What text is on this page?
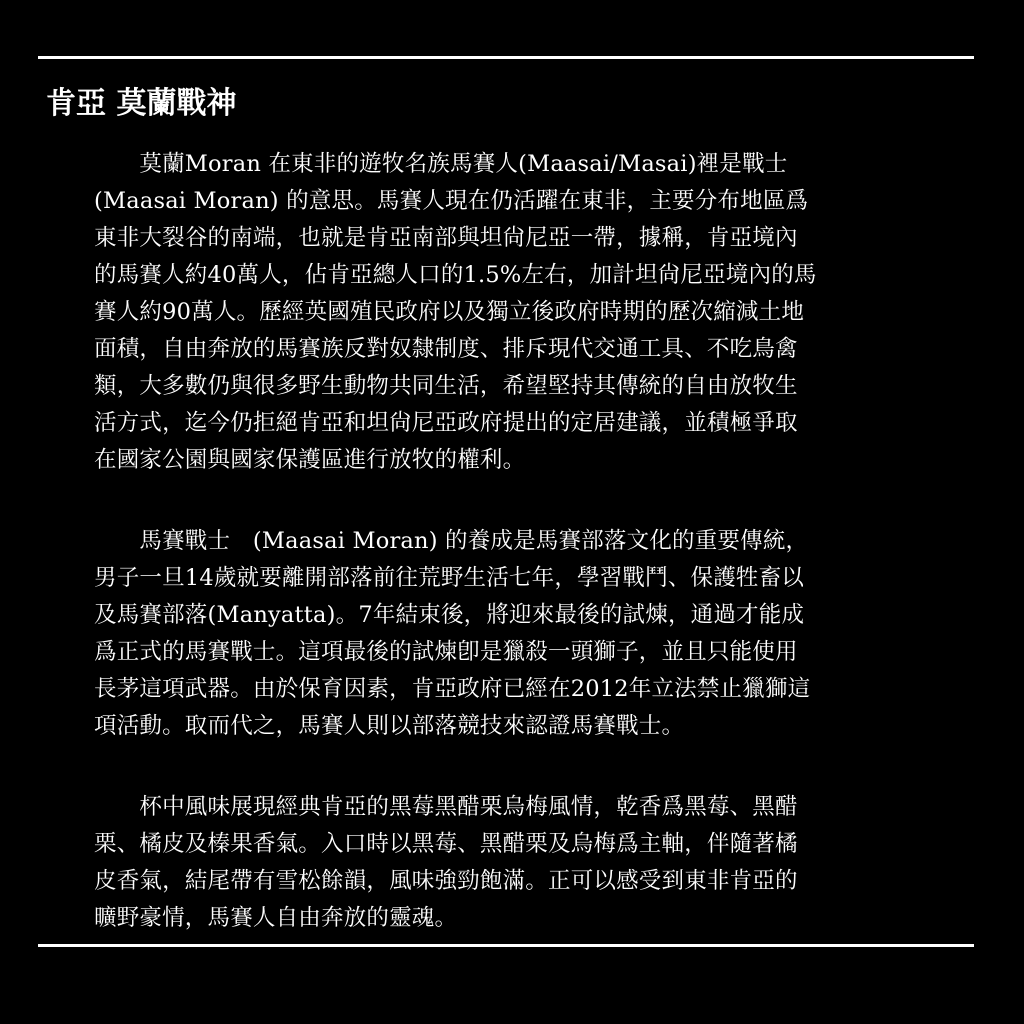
肯亞 莫蘭戰神

　　莫蘭Moran 在東非的遊牧名族馬賽人(Maasai/Masai)裡是戰士
(Maasai Moran) 的意思。馬賽人現在仍活躍在東非，主要分布地區爲
東非大裂谷的南端，也就是肯亞南部與坦尙尼亞一帶，據稱，肯亞境內
的馬賽人約40萬人，佔肯亞總人口的1.5%左右，加計坦尙尼亞境內的馬
賽人約90萬人。歷經英國殖民政府以及獨立後政府時期的歷次縮減土地
面積，自由奔放的馬賽族反對奴隸制度、排斥現代交通工具、不吃鳥禽
類，大多數仍與很多野生動物共同生活，希望堅持其傳統的自由放牧生
活方式，迄今仍拒絕肯亞和坦尙尼亞政府提出的定居建議，並積極爭取
在國家公園與國家保護區進行放牧的權利。

　　馬賽戰士　(Maasai Moran) 的養成是馬賽部落文化的重要傳統，
男子一旦14歲就要離開部落前往荒野生活七年，學習戰鬥、保護牲畜以
及馬賽部落(Manyatta)。7年結束後，將迎來最後的試煉，通過才能成
爲正式的馬賽戰士。這項最後的試煉卽是獵殺一頭獅子，並且只能使用
長茅這項武器。由於保育因素，肯亞政府已經在2012年立法禁止獵獅這
項活動。取而代之，馬賽人則以部落競技來認證馬賽戰士。

　　杯中風味展現經典肯亞的黑莓黑醋栗烏梅風情，乾香爲黑莓、黑醋
栗、橘皮及榛果香氣。入口時以黑莓、黑醋栗及烏梅爲主軸，伴隨著橘
皮香氣，結尾帶有雪松餘韻，風味強勁飽滿。正可以感受到東非肯亞的
曠野豪情，馬賽人自由奔放的靈魂。
